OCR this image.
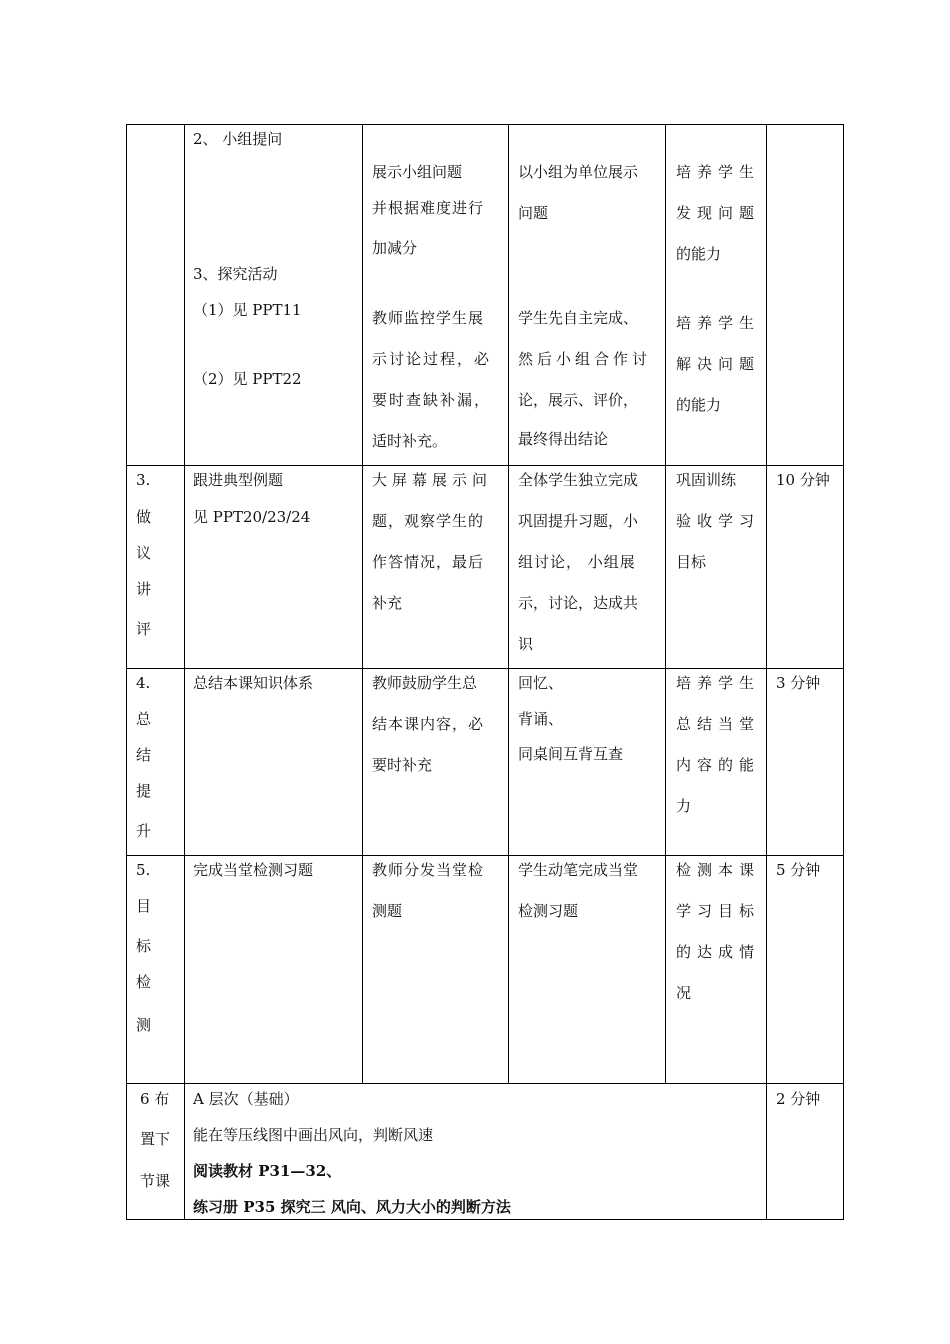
2、 小组提问
3、探究活动
（1）见 PPT11
（2）见 PPT22
展示小组问题
并根据难度进行
加减分
教师监控学生展
示讨论过程，必
要时查缺补漏，
适时补充。
以小组为单位展示
问题
学生先自主完成、
然后小组合作讨
论，展示、评价，
最终得出结论
培养学生
发现问题
的能力
培养学生
解决问题
的能力
3.
做
议
讲
评
跟进典型例题
见 PPT20/23/24
大屏幕展示问
题，观察学生的
作答情况，最后
补充
全体学生独立完成
巩固提升习题，小
组讨论， 小组展
示，讨论，达成共
识
巩固训练
验收学习
目标
10 分钟
4.
总
结
提
升
总结本课知识体系	教师鼓励学生总
结本课内容，必
要时补充
回忆、
背诵、
同桌间互背互查
培养学生
总结当堂
内容的能
力
3 分钟
5.
目
标
检
测
完成当堂检测习题	教师分发当堂检
测题
学生动笔完成当堂
检测习题
检测本课
学习目标
的达成情
况
5 分钟
6 布
置下
节课
A 层次（基础）
能在等压线图中画出风向，判断风速
阅读教材 P31—32、
练习册 P35 探究三 风向、风力大小的判断方法
2 分钟
